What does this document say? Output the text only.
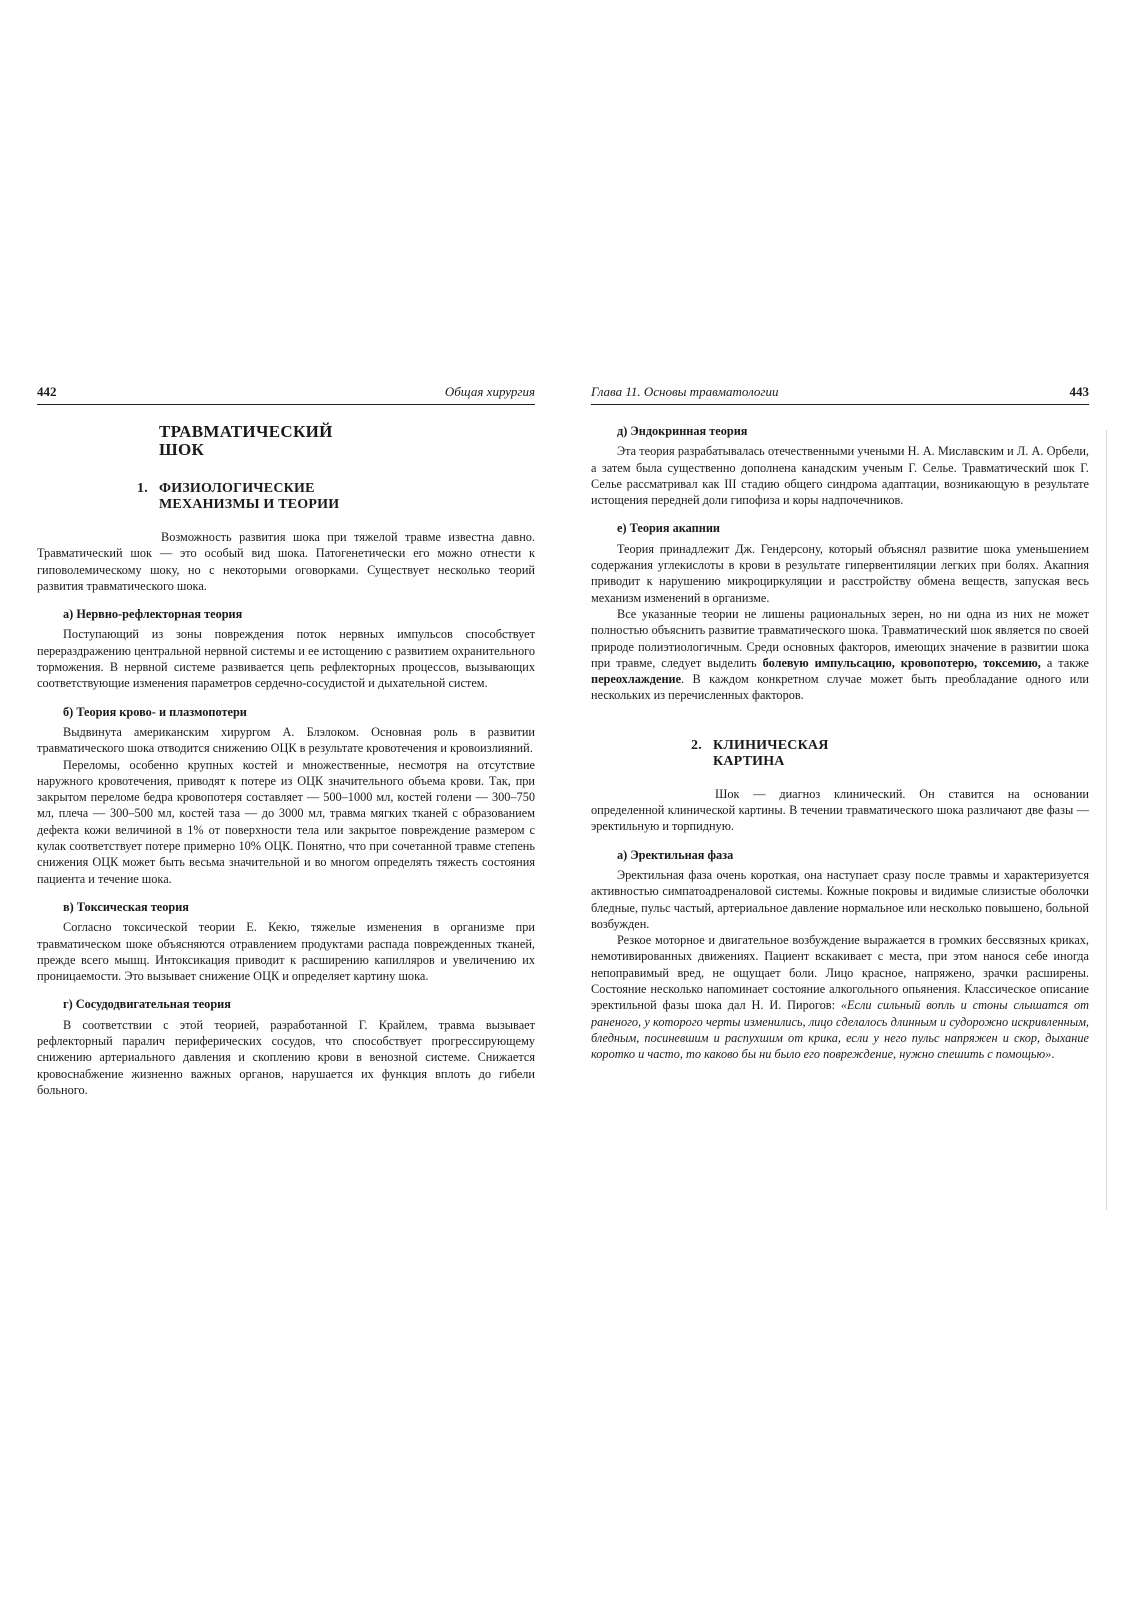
442	Общая хирургия
ТРАВМАТИЧЕСКИЙ
ШОК
1. ФИЗИОЛОГИЧЕСКИЕ
МЕХАНИЗМЫ И ТЕОРИИ

Возможность развития шока при тяжелой травме известна давно. Травматический шок — это особый вид шока. Патогенетически его можно отнести к гиповолемическому шоку, но с некоторыми оговорками. Существует несколько теорий развития травматического шока.

а) Нервно-рефлекторная теория

Поступающий из зоны повреждения поток нервных импульсов способствует перераздражению центральной нервной системы и ее истощению с развитием охранительного торможения. В нервной системе развивается цепь рефлекторных процессов, вызывающих соответствующие изменения параметров сердечно-сосудистой и дыхательной систем.

б) Теория крово- и плазмопотери

Выдвинута американским хирургом А. Блэлоком. Основная роль в развитии травматического шока отводится снижению ОЦК в результате кровотечения и кровоизлияний.

Переломы, особенно крупных костей и множественные, несмотря на отсутствие наружного кровотечения, приводят к потере из ОЦК значительного объема крови. Так, при закрытом переломе бедра кровопотеря составляет — 500–1000 мл, костей голени — 300–750 мл, плеча — 300–500 мл, костей таза — до 3000 мл, травма мягких тканей с образованием дефекта кожи величиной в 1% от поверхности тела или закрытое повреждение размером с кулак соответствует потере примерно 10% ОЦК. Понятно, что при сочетанной травме степень снижения ОЦК может быть весьма значительной и во многом определять тяжесть состояния пациента и течение шока.

в) Токсическая теория

Согласно токсической теории Е. Кекю, тяжелые изменения в организме при травматическом шоке объясняются отравлением продуктами распада поврежденных тканей, прежде всего мышц. Интоксикация приводит к расширению капилляров и увеличению их проницаемости. Это вызывает снижение ОЦК и определяет картину шока.

г) Сосудодвигательная теория

В соответствии с этой теорией, разработанной Г. Крайлем, травма вызывает рефлекторный паралич периферических сосудов, что способствует прогрессирующему снижению артериального давления и скоплению крови в венозной системе. Снижается кровоснабжение жизненно важных органов, нарушается их функция вплоть до гибели больного.

Глава 11. Основы травматологии	443
д) Эндокринная теория

Эта теория разрабатывалась отечественными учеными Н. А. Миславским и Л. А. Орбели, а затем была существенно дополнена канадским ученым Г. Селье. Травматический шок Г. Селье рассматривал как III стадию общего синдрома адаптации, возникающую в результате истощения передней доли гипофиза и коры надпочечников.

е) Теория акапнии

Теория принадлежит Дж. Гендерсону, который объяснял развитие шока уменьшением содержания углекислоты в крови в результате гипервентиляции легких при болях. Акапния приводит к нарушению микроциркуляции и расстройству обмена веществ, запуская весь механизм изменений в организме.

Все указанные теории не лишены рациональных зерен, но ни одна из них не может полностью объяснить развитие травматического шока. Травматический шок является по своей природе полиэтиологичным. Среди основных факторов, имеющих значение в развитии шока при травме, следует выделить болевую импульсацию, кровопотерю, токсемию, а также переохлаждение. В каждом конкретном случае может быть преобладание одного или нескольких из перечисленных факторов.

2. КЛИНИЧЕСКАЯ
КАРТИНА

Шок — диагноз клинический. Он ставится на основании определенной клинической картины. В течении травматического шока различают две фазы — эректильную и торпидную.

а) Эректильная фаза

Эректильная фаза очень короткая, она наступает сразу после травмы и характеризуется активностью симпатоадреналовой системы. Кожные покровы и видимые слизистые оболочки бледные, пульс частый, артериальное давление нормальное или несколько повышено, больной возбужден.

Резкое моторное и двигательное возбуждение выражается в громких бессвязных криках, немотивированных движениях. Пациент вскакивает с места, при этом нанося себе иногда непоправимый вред, не ощущает боли. Лицо красное, напряжено, зрачки расширены. Состояние несколько напоминает состояние алкогольного опьянения. Классическое описание эректильной фазы шока дал Н. И. Пирогов: «Если сильный вопль и стоны слышатся от раненого, у которого черты изменились, лицо сделалось длинным и судорожно искривленным, бледным, посиневшим и распухшим от крика, если у него пульс напряжен и скор, дыхание коротко и часто, то каково бы ни было его повреждение, нужно спешить с помощью».
